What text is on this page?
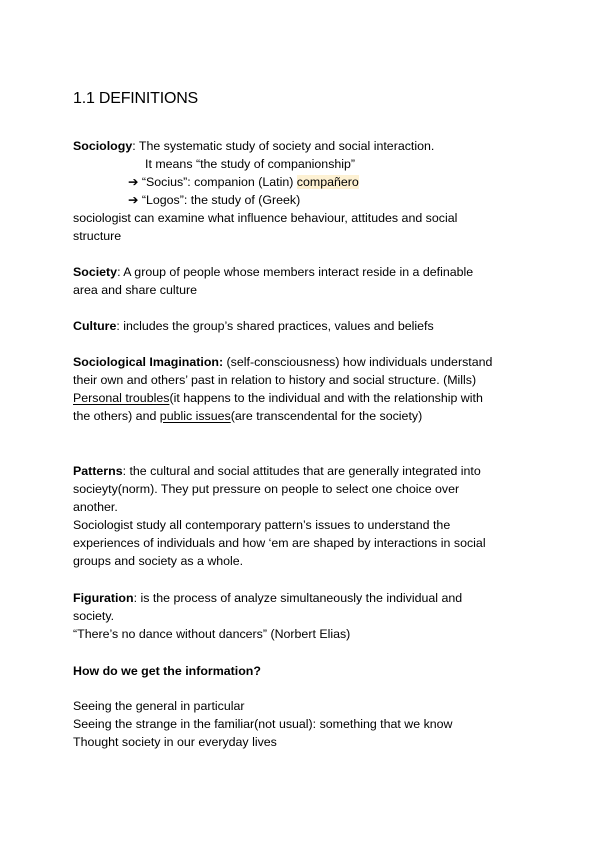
1.1 DEFINITIONS
Sociology: The systematic study of society and social interaction.
It means “the study of companionship”
➔ “Socius”: companion (Latin) compañero
➔ “Logos”: the study of (Greek)
sociologist can examine what influence behaviour, attitudes and social
structure
Society: A group of people whose members interact reside in a definable
area and share culture
Culture: includes the group’s shared practices, values and beliefs
Sociological Imagination: (self-consciousness) how individuals understand
their own and others’ past in relation to history and social structure. (Mills)
Personal troubles(it happens to the individual and with the relationship with
the others) and public issues(are transcendental for the society)
Patterns: the cultural and social attitudes that are generally integrated into
socieyty(norm). They put pressure on people to select one choice over
another.
Sociologist study all contemporary pattern’s issues to understand the
experiences of individuals and how ‘em are shaped by interactions in social
groups and society as a whole.
Figuration: is the process of analyze simultaneously the individual and
society.
“There’s no dance without dancers” (Norbert Elias)
How do we get the information?
Seeing the general in particular
Seeing the strange in the familiar(not usual): something that we know
Thought society in our everyday lives
